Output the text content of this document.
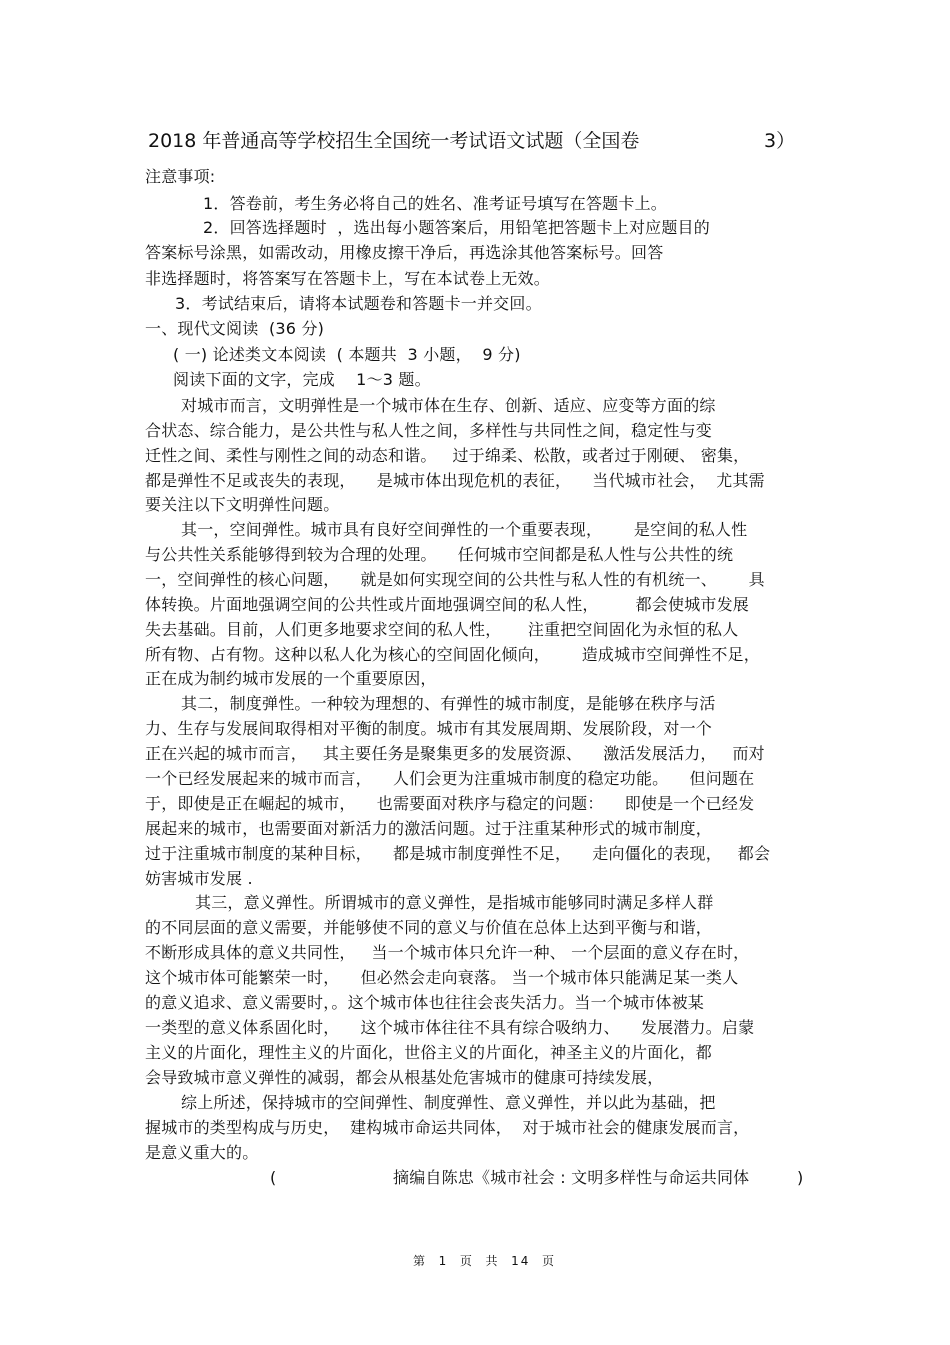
2018 年普通高等学校招生全国统一考试语文试题（全国卷	3）
注意事项:
1．答卷前，考生务必将自己的姓名、准考证号填写在答题卡上。
2．回答选择题时  ，选出每小题答案后，用铅笔把答题卡上对应题目的
答案标号涂黑，如需改动，用橡皮擦干净后，再选涂其他答案标号。回答
非选择题时，将答案写在答题卡上，写在本试卷上无效。
3．考试结束后，请将本试题卷和答题卡一并交回。
一、现代文阅读  (36 分)
( 一) 论述类文本阅读  ( 本题共  3 小题，  9 分)
阅读下面的文字，完成    1～3 题。
对城市而言，文明弹性是一个城市体在生存、创新、适应、应变等方面的综
合状态、综合能力，是公共性与私人性之间，多样性与共同性之间，稳定性与变
迁性之间、柔性与刚性之间的动态和谐。   过于绵柔、松散，或者过于刚硬、 密集，
都是弹性不足或丧失的表现，    是城市体出现危机的表征，    当代城市社会，  尤其需
要关注以下文明弹性问题。
其一，空间弹性。城市具有良好空间弹性的一个重要表现，      是空间的私人性
与公共性关系能够得到较为合理的处理。    任何城市空间都是私人性与公共性的统
一，空间弹性的核心问题，    就是如何实现空间的公共性与私人性的有机统一、      具
体转换。片面地强调空间的公共性或片面地强调空间的私人性，       都会使城市发展
失去基础。目前，人们更多地要求空间的私人性，     注重把空间固化为永恒的私人
所有物、占有物。这种以私人化为核心的空间固化倾向，      造成城市空间弹性不足，
正在成为制约城市发展的一个重要原因，
其二，制度弹性。一种较为理想的、有弹性的城市制度，是能够在秩序与活
力、生存与发展间取得相对平衡的制度。城市有其发展周期、发展阶段，对一个
正在兴起的城市而言，   其主要任务是聚集更多的发展资源、    激活发展活力，   而对
一个已经发展起来的城市而言，    人们会更为注重城市制度的稳定功能。    但问题在
于，即使是正在崛起的城市，    也需要面对秩序与稳定的问题：    即使是一个已经发
展起来的城市，也需要面对新活力的激活问题。过于注重某种形式的城市制度，
过于注重城市制度的某种目标，    都是城市制度弹性不足，    走向僵化的表现，   都会
妨害城市发展 .
其三，意义弹性。所谓城市的意义弹性，是指城市能够同时满足多样人群
的不同层面的意义需要，并能够使不同的意义与价值在总体上达到平衡与和谐，
不断形成具体的意义共同性，   当一个城市体只允许一种、 一个层面的意义存在时，
这个城市体可能繁荣一时，    但必然会走向衰落。 当一个城市体只能满足某一类人
的意义追求、意义需要时，。这个城市体也往往会丧失活力。当一个城市体被某
一类型的意义体系固化时，    这个城市体往往不具有综合吸纳力、    发展潜力。启蒙
主义的片面化，理性主义的片面化，世俗主义的片面化，神圣主义的片面化，都
会导致城市意义弹性的减弱，都会从根基处危害城市的健康可持续发展，
综上所述，保持城市的空间弹性、制度弹性、意义弹性，并以此为基础，把
握城市的类型构成与历史，  建构城市命运共同体，  对于城市社会的健康发展而言，
是意义重大的。
(	摘编自陈忠《城市社会 : 文明多样性与命运共同体	)
第  1  页  共  14  页
